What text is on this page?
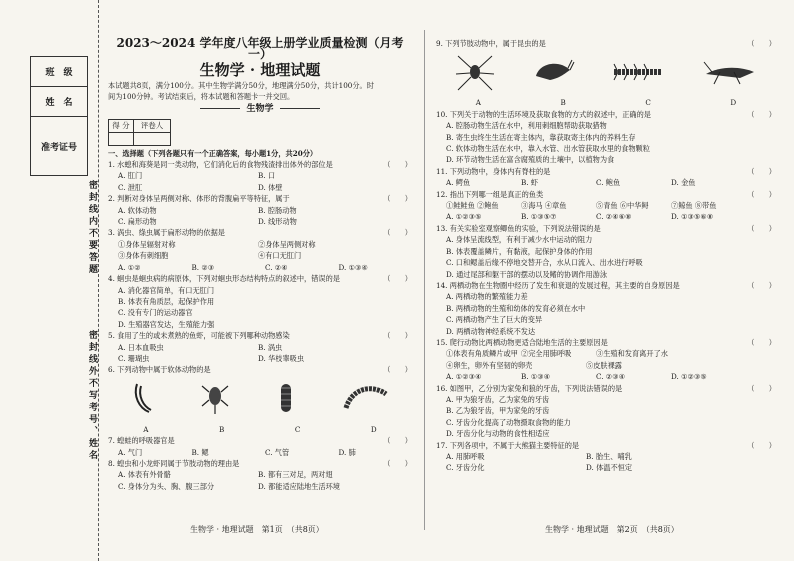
班　级
姓　名
准考证号
密封线内不要答题
密封线外不写考号、姓名
2023～2024 学年度八年级上册学业质量检测（月考一）
生物学 · 地理试题
本试题共8页，满分100分。其中生物学满分50分，地理满分50分，共计100分。时
间为100分钟。考试结束后，将本试题和答题卡一并交回。
生物学
得 分	评卷人
一、选择题（下列各题只有一个正确答案，每小题1分，共20分）
1. 水螅和海葵是同一类动物，它们消化后的食物残渣排出体外的部位是	（　　）
A. 肛门	B. 口
C. 泄肛	D. 体壁
2. 判断对身体呈两侧对称、体形的背腹扁平等特征，属于	（　　）
A. 软体动物	B. 腔肠动物
C. 扁形动物	D. 线形动物
3. 涡虫、绦虫属于扁形动物的依据是	（　　）
①身体呈辐射对称	②身体呈两侧对称
③身体有刺细胞	④有口无肛门
A. ①②	B. ②③	C. ②④	D. ①③④
4. 蛔虫是蛔虫病的病原体，下列对蛔虫形态结构特点的叙述中，错误的是	（　　）
A. 消化器官简单，有口无肛门
B. 体表有角质层，起保护作用
C. 没有专门的运动器官
D. 生殖器官发达，生殖能力强
5. 食用了生的或未煮熟的鱼虾，可能被下列哪种动物感染	（　　）
A. 日本血吸虫	B. 涡虫
C. 珊瑚虫	D. 华枝睾吸虫
6. 下列动物中属于软体动物的是	（　　）
A	B	C	D
7. 蝗蛙的呼吸器官是	（　　）
A. 气门	B. 鳃	C. 气管	D. 肺
8. 蝗虫和小龙虾同属于节肢动物的理由是	（　　）
A. 体表有外骨骼	B. 都有三对足，两对翅
C. 身体分为头、胸、腹三部分	D. 都能适应陆地生活环境
9. 下列节肢动物中，属于昆虫的是	（　　）
A	B	C	D
10. 下列关于动物的生活环境及获取食物的方式的叙述中，正确的是	（　　）
A. 腔肠动物生活在水中，利用刺细胞帮助获取猎物
B. 寄生虫终生生活在寄主体内，靠获取寄主体内的养料生存
C. 软体动物生活在水中，靠入水管、出水管获取水里的食物颗粒
D. 环节动物生活在富含腐殖质的土壤中，以植物为食
11. 下列动物中，身体内有脊柱的是	（　　）
A. 鳄鱼	B. 虾	C. 鲍鱼	D. 金鱼
12. 指出下列哪一组是真正的鱼类	（　　）
①鲑鲑鱼 ②鲍鱼	③海马 ④章鱼	⑤青鱼 ⑥中华鲟	⑦鲸鱼 ⑧带鱼
A. ①②③⑤	B. ①③⑤⑦	C. ②④⑥⑧	D. ①③⑤⑥⑧
13. 有关实验室观察鲫鱼的实验，下列说法错误的是	（　　）
A. 身体呈流线型，有利于减少水中运动的阻力
B. 体表覆盖鳞片，有黏液，起保护身体的作用
C. 口和鳃盖后缘不停地交替开合，水从口流入、出水进行呼吸
D. 通过尾部和躯干部的摆动以及鳍的协调作用游泳
14. 两栖动物在生物圈中经历了发生和衰退的发展过程，其主要的自身原因是	（　　）
A. 两栖动物的繁殖能力差
B. 两栖动物的生殖和幼体的发育必须在水中
C. 两栖动物产生了巨大的变异
D. 两栖动物神经系统不发达
15. 爬行动物比两栖动物更适合陆地生活的主要原因是	（　　）
①体表有角质鳞片或甲 ②完全用肺呼吸	③生殖和发育离开了水
④卵生，卵外有坚韧的卵壳	⑤皮肤裸露
A. ①②③④	B. ①③④	C. ②③④	D. ①②③⑤
16. 如图甲，乙分别为家兔和狼的牙齿，下列说法错误的是	（　　）
A. 甲为狼牙齿，乙为家兔的牙齿
B. 乙为狼牙齿，甲为家兔的牙齿
C. 牙齿分化提高了动物摄取食物的能力
D. 牙齿分化与动物的食性相适应
17. 下列各项中，不属于大熊猫主要特征的是	（　　）
A. 用肺呼吸	B. 胎生、哺乳
C. 牙齿分化	D. 体温不恒定
生物学 · 地理试题　第1页　（共8页）	生物学 · 地理试题　第2页　（共8页）
